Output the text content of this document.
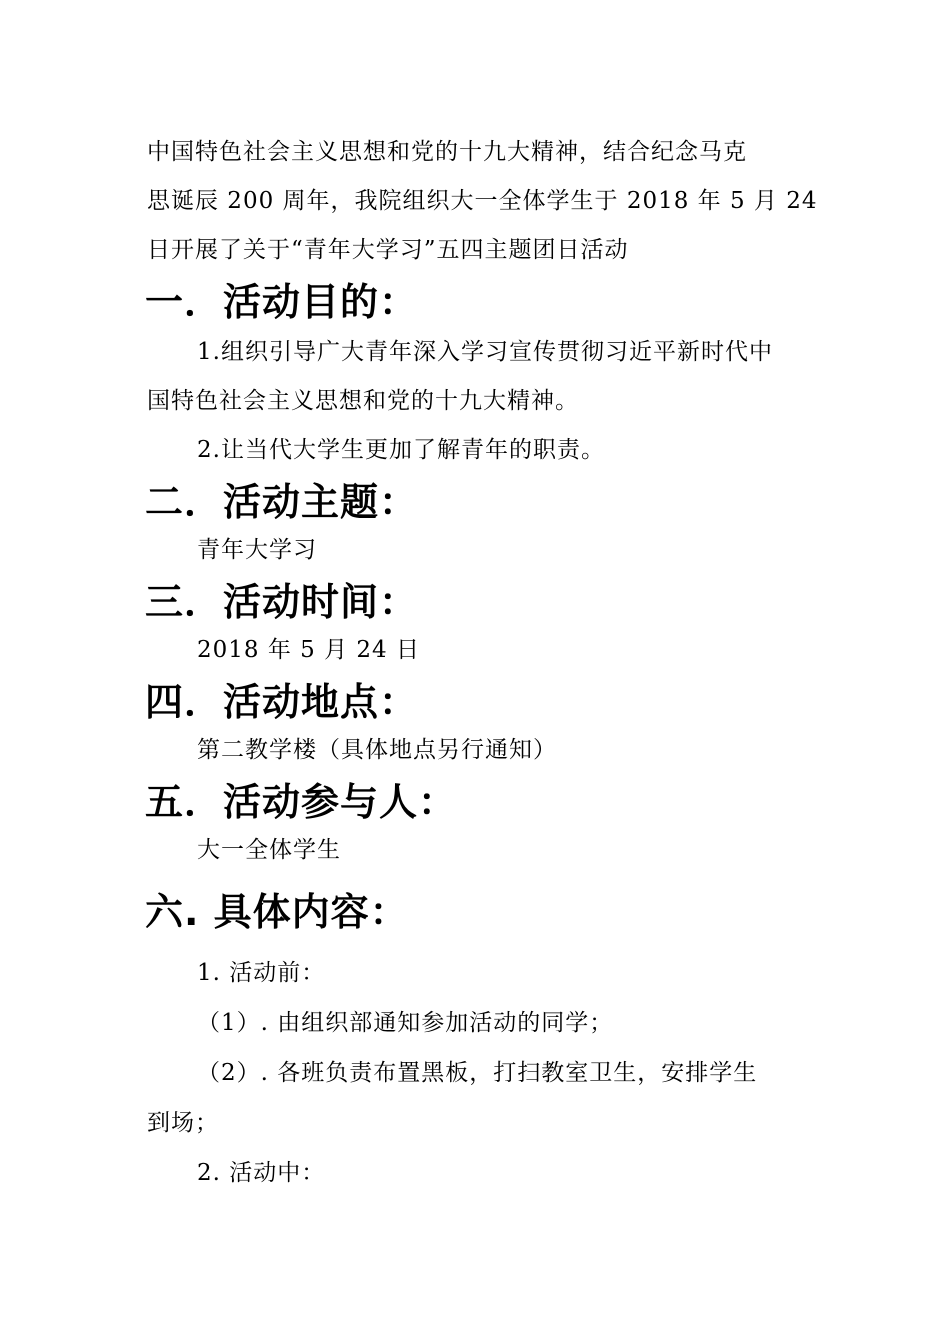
中国特色社会主义思想和党的十九大精神，结合纪念马克
思诞辰 200 周年，我院组织大一全体学生于 2018 年 5 月 24
日开展了关于“青年大学习”五四主题团日活动
一．活动目的：
1.组织引导广大青年深入学习宣传贯彻习近平新时代中
国特色社会主义思想和党的十九大精神。
2.让当代大学生更加了解青年的职责。
二．活动主题：
青年大学习
三．活动时间：
2018 年 5 月 24 日
四．活动地点：
第二教学楼（具体地点另行通知）
五．活动参与人：
大一全体学生
六. 具体内容：
1. 活动前：
（1）. 由组织部通知参加活动的同学；
（2）. 各班负责布置黑板，打扫教室卫生，安排学生
到场；
2. 活动中：
